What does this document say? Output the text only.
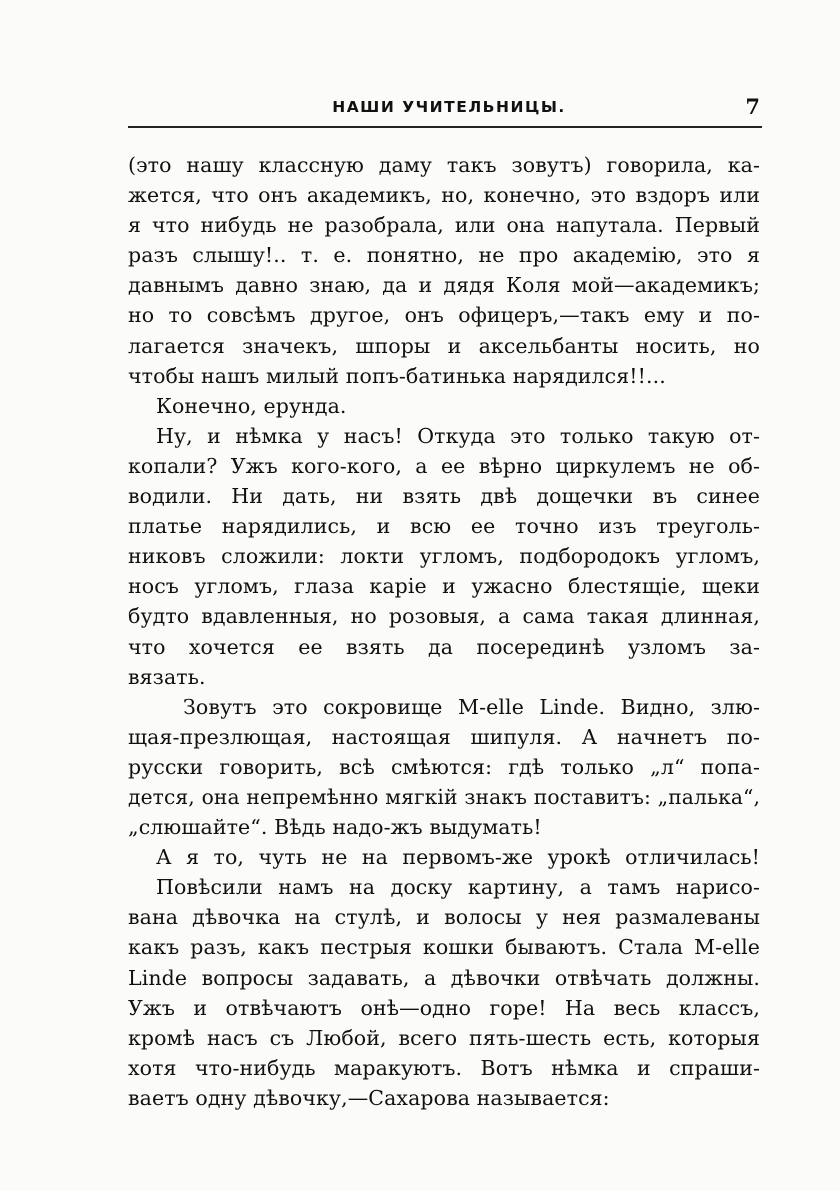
НАШИ УЧИТЕЛЬНИЦЫ.	7
(это нашу классную даму такъ зовутъ) говорила, ка-
жется, что онъ академикъ, но, конечно, это вздоръ или
я что нибудь не разобрала, или она напутала. Первый
разъ слышу!.. т. е. понятно, не про академію, это я
давнымъ давно знаю, да и дядя Коля мой—академикъ;
но то совсѣмъ другое, онъ офицеръ,—такъ ему и по-
лагается значекъ, шпоры и аксельбанты носить, но
чтобы нашъ милый попъ-батинька нарядился!!...
Конечно, ерунда.
Ну, и нѣмка у насъ! Откуда это только такую от-
копали? Ужъ кого-кого, а ее вѣрно циркулемъ не об-
водили. Ни дать, ни взять двѣ дощечки въ синее
платье нарядились, и всю ее точно изъ треуголь-
никовъ сложили: локти угломъ, подбородокъ угломъ,
носъ угломъ, глаза каріе и ужасно блестящіе, щеки
будто вдавленныя, но розовыя, а сама такая длинная,
что хочется ее взять да посерединѣ узломъ за-
вязать.
Зовутъ это сокровище M-elle Linde. Видно, злю-
щая-презлющая, настоящая шипуля. А начнетъ по-
русски говорить, всѣ смѣются: гдѣ только „л“ попа-
дется, она непремѣнно мягкій знакъ поставитъ: „палька“,
„слюшайте“. Вѣдь надо-жъ выдумать!
А я то, чуть не на первомъ-же урокѣ отличилась!
Повѣсили намъ на доску картину, а тамъ нарисо-
вана дѣвочка на стулѣ, и волосы у нея размалеваны
какъ разъ, какъ пестрыя кошки бываютъ. Стала M-elle
Linde вопросы задавать, а дѣвочки отвѣчать должны.
Ужъ и отвѣчаютъ онѣ—одно горе! На весь классъ,
кромѣ насъ съ Любой, всего пять-шесть есть, которыя
хотя что-нибудь маракуютъ. Вотъ нѣмка и спраши-
ваетъ одну дѣвочку,—Сахарова называется:
